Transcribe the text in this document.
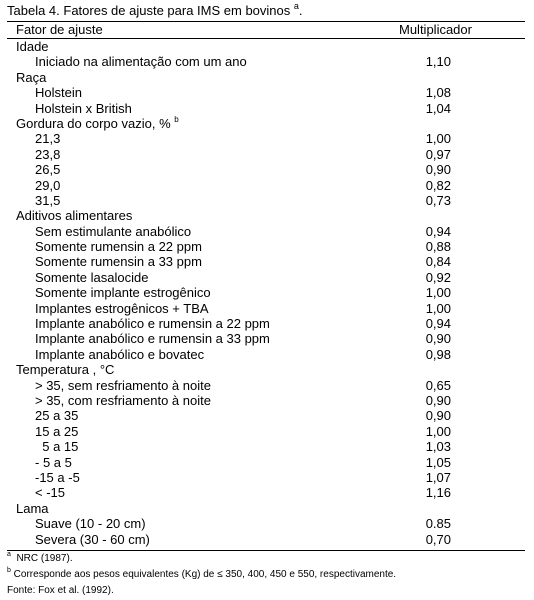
Tabela 4. Fatores de ajuste para IMS em bovinos $^a$.
Fator de ajuste	Multiplicador
Idade
Iniciado na alimentação com um ano	1,10
Raça
Holstein	1,08
Holstein x British	1,04
Gordura do corpo vazio, % $^b$
21,3	1,00
23,8	0,97
26,5	0,90
29,0	0,82
31,5	0,73
Aditivos alimentares
Sem estimulante anabólico	0,94
Somente rumensin a 22 ppm	0,88
Somente rumensin a 33 ppm	0,84
Somente lasalocide	0,92
Somente implante estrogênico	1,00
Implantes estrogênicos + TBA	1,00
Implante anabólico e rumensin a 22 ppm	0,94
Implante anabólico e rumensin a 33 ppm	0,90
Implante anabólico e bovatec	0,98
Temperatura , °C
> 35, sem resfriamento à noite	0,65
> 35, com resfriamento à noite	0,90
25 a 35	0,90
15 a 25	1,00
5 a 15	1,03
- 5 a 5	1,05
-15 a -5	1,07
< -15	1,16
Lama
Suave (10 - 20 cm)	0.85
Severa (30 - 60 cm)	0,70
$^a$  NRC (1987).
$^b$ Corresponde aos pesos equivalentes (Kg) de ≤ 350, 400, 450 e 550, respectivamente.
Fonte: Fox et al. (1992).
